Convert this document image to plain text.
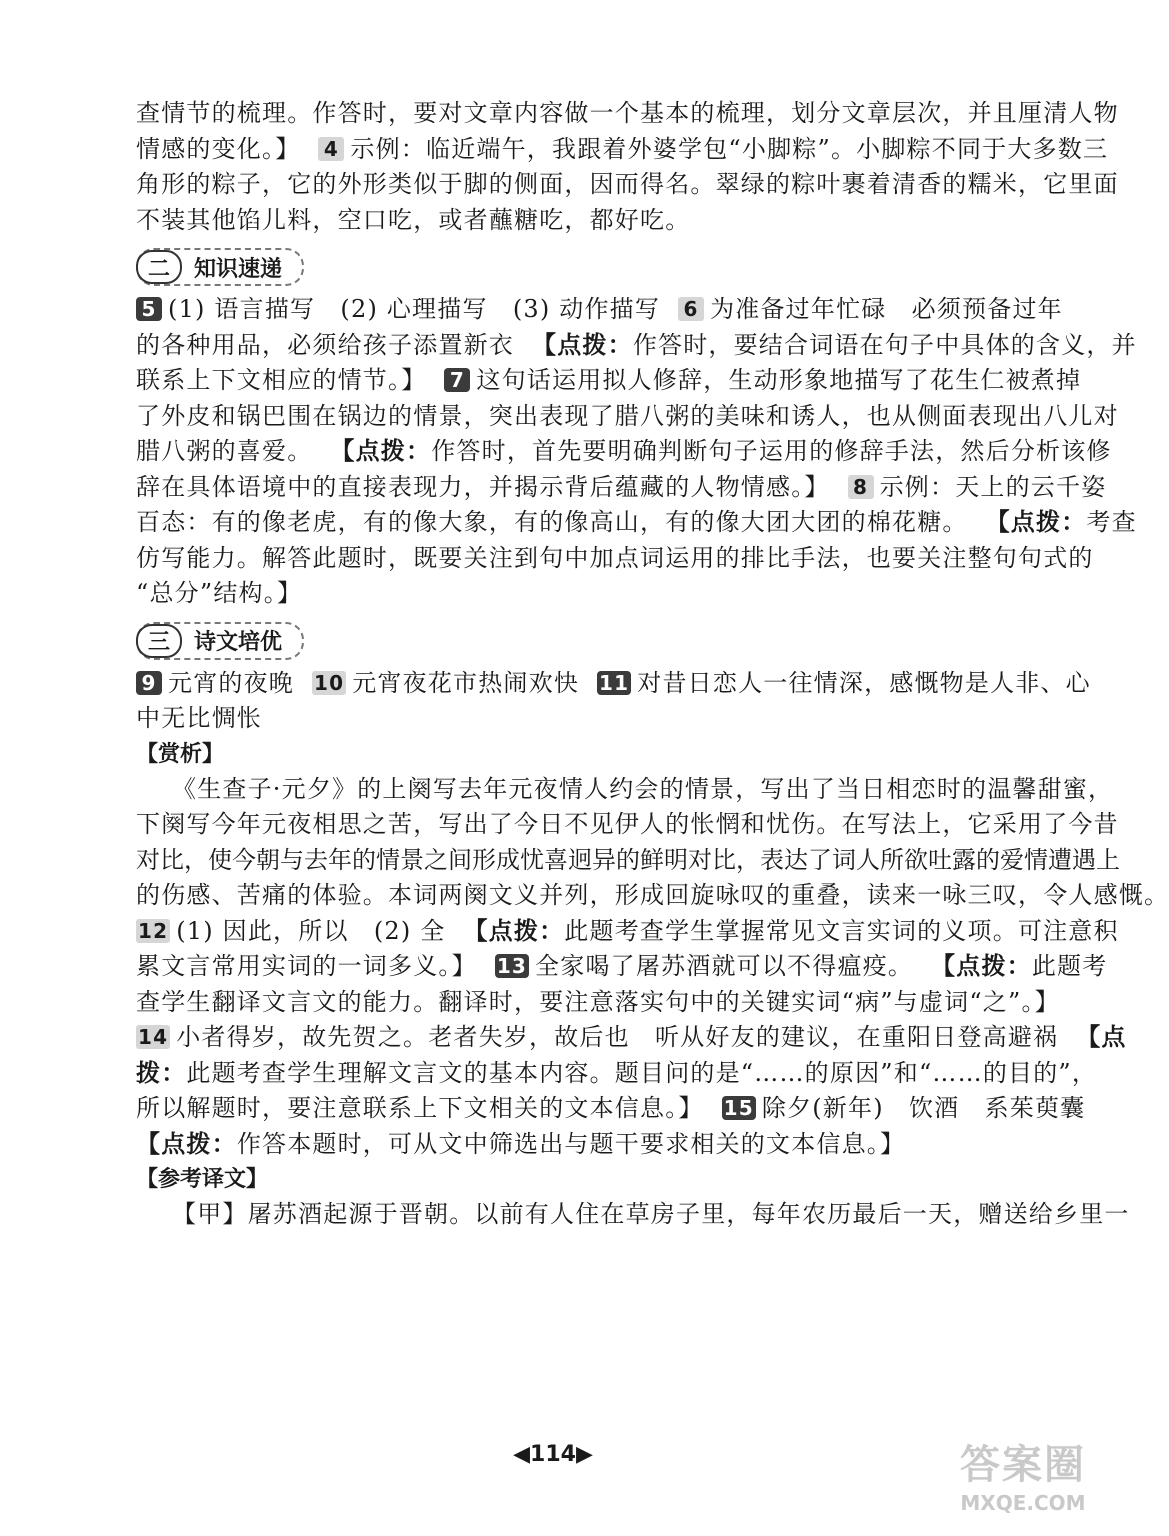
查情节的梳理。作答时，要对文章内容做一个基本的梳理，划分文章层次，并且厘清人物

情感的变化。】 4 示例：临近端午，我跟着外婆学包“小脚粽”。小脚粽不同于大多数三

角形的粽子，它的外形类似于脚的侧面，因而得名。翠绿的粽叶裹着清香的糯米，它里面

不装其他馅儿料，空口吃，或者蘸糖吃，都好吃。

二	知识速递

5 (1) 语言描写　(2) 心理描写　(3) 动作描写 6 为准备过年忙碌　必须预备过年

的各种用品，必须给孩子添置新衣 【点拨：作答时，要结合词语在句子中具体的含义，并

联系上下文相应的情节。】 7 这句话运用拟人修辞，生动形象地描写了花生仁被煮掉

了外皮和锅巴围在锅边的情景，突出表现了腊八粥的美味和诱人，也从侧面表现出八儿对

腊八粥的喜爱。 【点拨：作答时，首先要明确判断句子运用的修辞手法，然后分析该修

辞在具体语境中的直接表现力，并揭示背后蕴藏的人物情感。】 8 示例：天上的云千姿

百态：有的像老虎，有的像大象，有的像高山，有的像大团大团的棉花糖。 【点拨：考查

仿写能力。解答此题时，既要关注到句中加点词运用的排比手法，也要关注整句句式的

“总分”结构。】

三	诗文培优

9 元宵的夜晚 10 元宵夜花市热闹欢快 11 对昔日恋人一往情深，感慨物是人非、心

中无比惆怅

【赏析】

《生查子·元夕》的上阕写去年元夜情人约会的情景，写出了当日相恋时的温馨甜蜜，

下阕写今年元夜相思之苦，写出了今日不见伊人的怅惘和忧伤。在写法上，它采用了今昔

对比，使今朝与去年的情景之间形成忧喜迥异的鲜明对比，表达了词人所欲吐露的爱情遭遇上

的伤感、苦痛的体验。本词两阕文义并列，形成回旋咏叹的重叠，读来一咏三叹，令人感慨。

12 (1) 因此，所以　(2) 全 【点拨：此题考查学生掌握常见文言实词的义项。可注意积

累文言常用实词的一词多义。】 13 全家喝了屠苏酒就可以不得瘟疫。 【点拨：此题考

查学生翻译文言文的能力。翻译时，要注意落实句中的关键实词“病”与虚词“之”。】

14 小者得岁，故先贺之。老者失岁，故后也　听从好友的建议，在重阳日登高避祸 【点

拨：此题考查学生理解文言文的基本内容。题目问的是“……的原因”和“……的目的”，

所以解题时，要注意联系上下文相关的文本信息。】 15 除夕(新年)　饮酒　系茱萸囊

【点拨：作答本题时，可从文中筛选出与题干要求相关的文本信息。】

【参考译文】

【甲】屠苏酒起源于晋朝。以前有人住在草房子里，每年农历最后一天，赠送给乡里一

◀114▶	答案圈
MXQE.COM
